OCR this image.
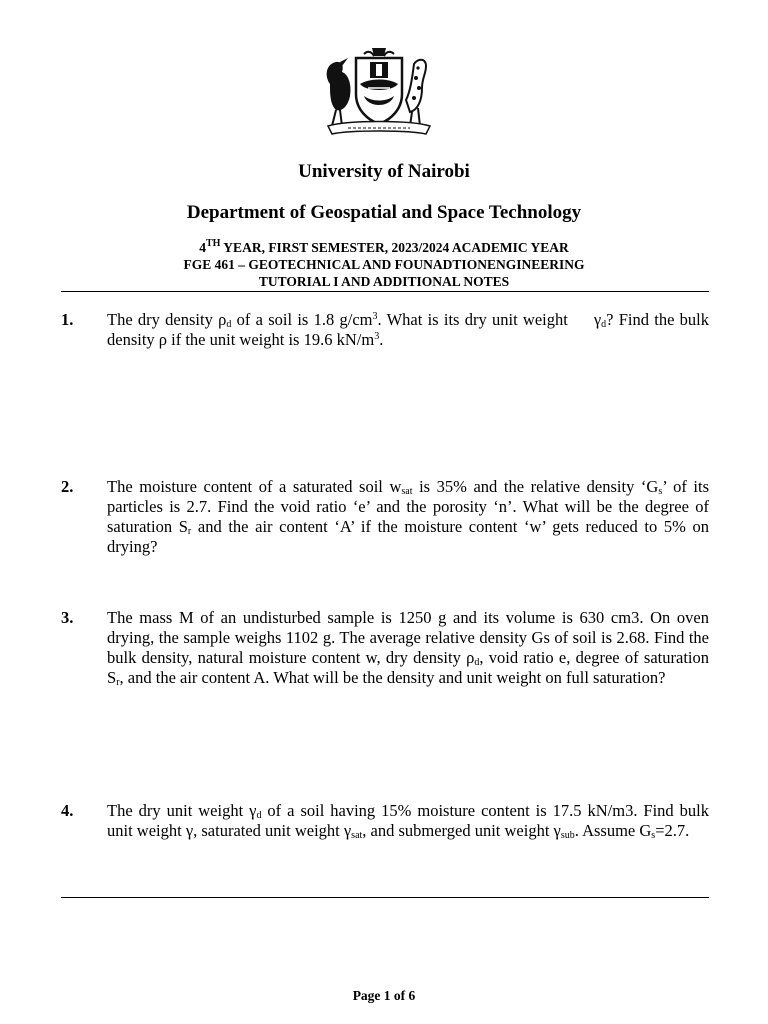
University of Nairobi
Department of Geospatial and Space Technology
4TH YEAR, FIRST SEMESTER, 2023/2024 ACADEMIC YEAR
FGE 461 – GEOTECHNICAL AND FOUNADTIONENGINEERING
TUTORIAL I AND ADDITIONAL NOTES
1. The dry density $\rho_d$ of a soil is 1.8 $g/cm^3$. What is its dry unit weight $\gamma_d$? Find the bulk density ρ if the unit weight is 19.6 $kN/m^3$.
2. The moisture content of a saturated soil $w_{sat}$ is 35% and the relative density ‘$G_s$’ of its particles is 2.7. Find the void ratio ‘e’ and the porosity ‘n’. What will be the degree of saturation $S_r$ and the air content ‘A’ if the moisture content ‘w’ gets reduced to 5% on drying?
3. The mass M of an undisturbed sample is 1250 g and its volume is 630 cm3. On oven drying, the sample weighs 1102 g. The average relative density Gs of soil is 2.68. Find the bulk density, natural moisture content w, dry density $\rho_d$, void ratio e, degree of saturation $S_r$, and the air content A. What will be the density and unit weight on full saturation?
4. The dry unit weight $\gamma_d$ of a soil having 15% moisture content is 17.5 kN/m3. Find bulk unit weight γ, saturated unit weight $\gamma_{sat}$, and submerged unit weight $\gamma_{sub}$. Assume $G_s=2.7$.
Page 1 of 6
